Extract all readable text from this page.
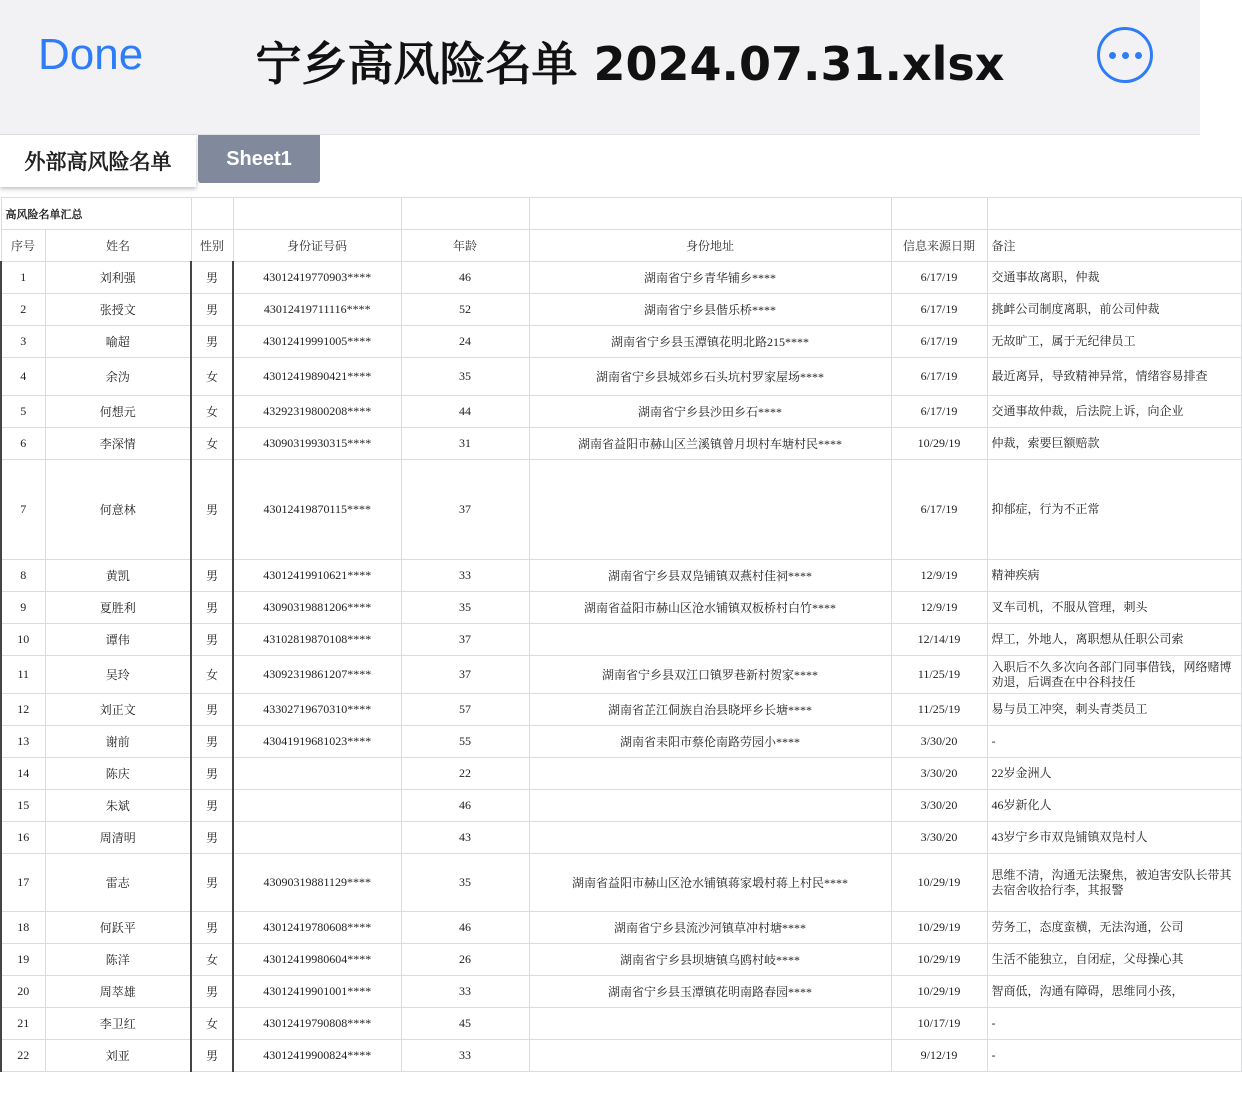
Done	宁乡高风险名单 2024.07.31.xlsx
外部高风险名单	Sheet1
高风险名单汇总							
序号	姓名	性别	身份证号码	年龄	身份地址	信息来源日期	备注
1	刘利强	男	43012419770903****	46	湖南省宁乡青华铺乡****	6/17/19	交通事故离职，仲裁
2	张授文	男	43012419711116****	52	湖南省宁乡县偕乐桥****	6/17/19	挑衅公司制度离职，前公司仲裁
3	喻超	男	43012419991005****	24	湖南省宁乡县玉潭镇花明北路215****	6/17/19	无故旷工，属于无纪律员工
4	余沩	女	43012419890421****	35	湖南省宁乡县城郊乡石头坑村罗家屋场****	6/17/19	最近离异，导致精神异常，情绪容易排查
5	何想元	女	43292319800208****	44	湖南省宁乡县沙田乡石****	6/17/19	交通事故仲裁，后法院上诉，向企业
6	李深情	女	43090319930315****	31	湖南省益阳市赫山区兰溪镇曾月坝村车塘村民****	10/29/19	仲裁，索要巨额赔款
7	何意林	男	43012419870115****	37		6/17/19	抑郁症，行为不正常
8	黄凯	男	43012419910621****	33	湖南省宁乡县双凫铺镇双燕村佳祠****	12/9/19	精神疾病
9	夏胜利	男	43090319881206****	35	湖南省益阳市赫山区沧水铺镇双板桥村白竹****	12/9/19	叉车司机，不服从管理，刺头
10	谭伟	男	43102819870108****	37		12/14/19	焊工，外地人，离职想从任职公司索
11	吴玲	女	43092319861207****	37	湖南省宁乡县双江口镇罗巷新村贺家****	11/25/19	入职后不久多次向各部门同事借钱，网络赌博劝退，后调查在中谷科技任
12	刘正文	男	43302719670310****	57	湖南省芷江侗族自治县晓坪乡长塘****	11/25/19	易与员工冲突，刺头青类员工
13	谢前	男	43041919681023****	55	湖南省耒阳市蔡伦南路劳园小****	3/30/20	-
14	陈庆	男		22		3/30/20	22岁金洲人
15	朱斌	男		46		3/30/20	46岁新化人
16	周清明	男		43		3/30/20	43岁宁乡市双凫铺镇双凫村人
17	雷志	男	43090319881129****	35	湖南省益阳市赫山区沧水铺镇蒋家塅村蒋上村民****	10/29/19	思维不清，沟通无法聚焦，被迫害安队长带其去宿舍收拾行李，其报警
18	何跃平	男	43012419780608****	46	湖南省宁乡县流沙河镇草冲村塘****	10/29/19	劳务工，态度蛮横，无法沟通，公司
19	陈洋	女	43012419980604****	26	湖南省宁乡县坝塘镇乌鸥村岐****	10/29/19	生活不能独立，自闭症，父母操心其
20	周萃雄	男	43012419901001****	33	湖南省宁乡县玉潭镇花明南路春园****	10/29/19	智商低，沟通有障碍，思维同小孩，
21	李卫红	女	43012419790808****	45		10/17/19	-
22	刘亚	男	43012419900824****	33		9/12/19	-
